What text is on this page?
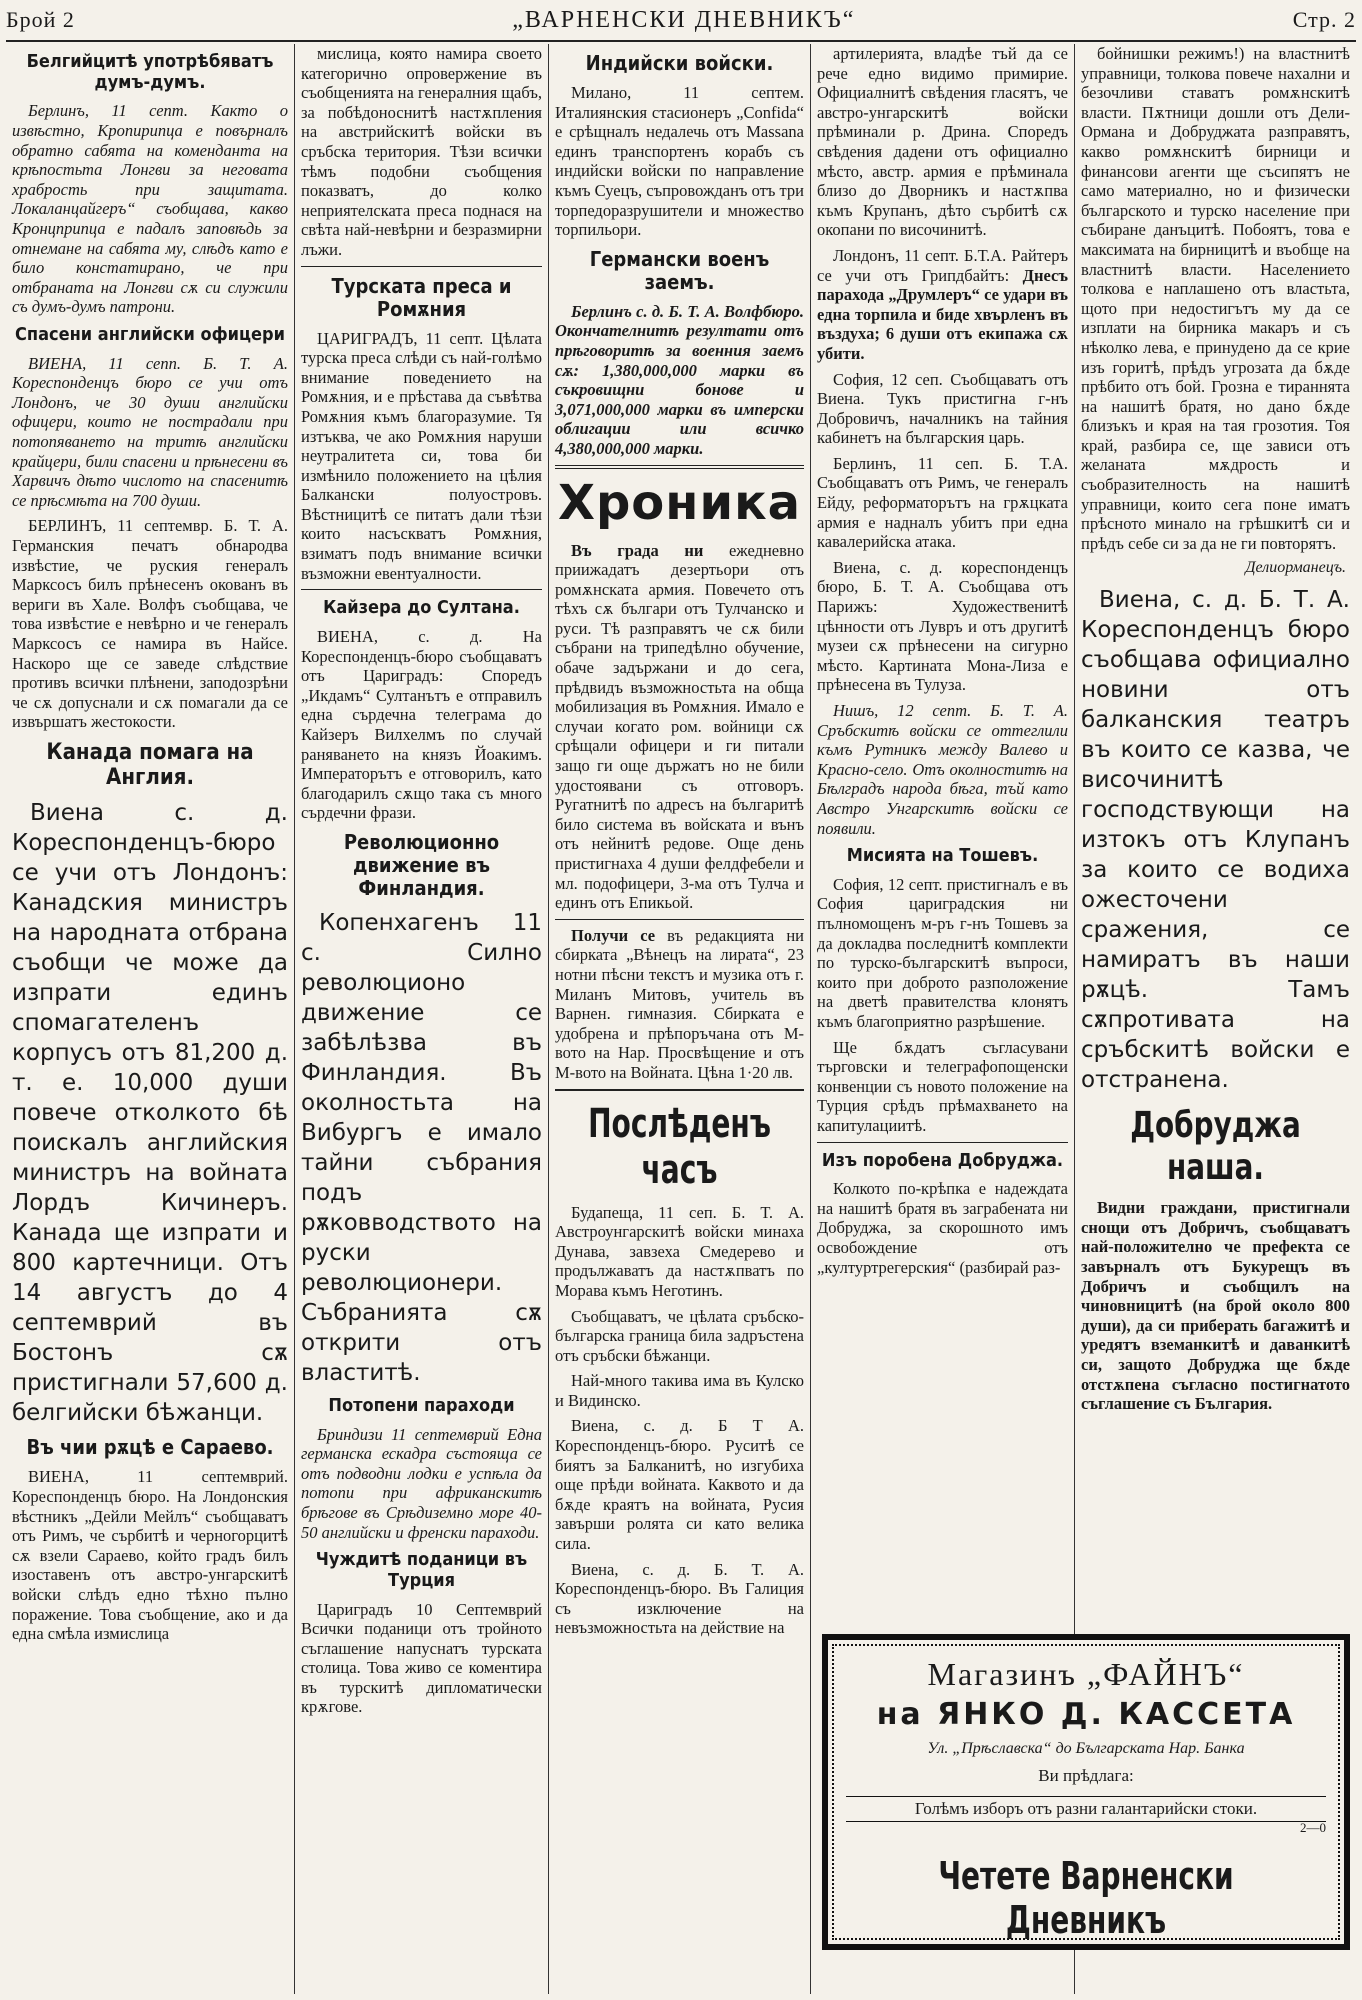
Брой 2	„ВАРНЕНСКИ ДНЕВНИКЪ“	Стр. 2
Белгийцитѣ употрѣбяватъ думъ-думъ.

Берлинъ, 11 септ. Както о извѣстно, Кропирипца е повърналъ обратно сабята на коменданта на крѣпостьта Лонгви за неговата храбрость при защитата. Локаланцайгеръ“ съобщава, какво Кронцприпца е падалъ заповѣдь за отнемане на сабята му, слѣдъ като е било констатирано, че при отбраната на Лонгви сѫ си служили съ думъ-думъ патрони.

Спасени английски офицери

ВИЕНА, 11 сепп. Б. Т. А. Кореспонденцъ бюро се учи отъ Лондонъ, че 30 души английски офицери, които не пострадали при потопяването на тритѣ английски крайцери, били спасени и прѣнесени въ Харвичъ дѣто числото на спасенитѣ се прѣсмѣта на 700 души.

БЕРЛИНЪ, 11 септемвр. Б. Т. А. Германския печатъ обнародва извѣстие, че руския генералъ Марксосъ билъ прѣнесенъ окованъ въ вериги въ Хале. Волфъ съобщава, че това извѣстие е невѣрно и че генералъ Марксосъ се намира въ Найсе. Наскоро ще се заведе слѣдствие противъ всички плѣнени, заподозрѣни че сѫ допуснали и сѫ помагали да се извършатъ жестокости.

Канада помага на Англия.

Виена с. д. Кореспонденцъ-бюро се учи отъ Лондонъ: Канадския министръ на народната отбрана съобщи че може да изпрати единъ спомагателенъ корпусъ отъ 81,200 д. т. е. 10,000 души повече отколкото бѣ поискалъ английския министръ на войната Лордъ Кичинеръ. Канада ще изпрати и 800 картечници. Отъ 14 августъ до 4 септемврий въ Бостонъ сѫ пристигнали 57,600 д. белгийски бѣжанци.

Въ чии рѫцѣ е Сараево.

ВИЕНА, 11 септемврий. Кореспонденцъ бюро. На Лондонския вѣстникъ „Дейли Мейлъ“ съобщаватъ отъ Римъ, че сърбитѣ и черногорцитѣ сѫ взели Сараево, който градъ билъ изоставенъ отъ австро-унгарскитѣ войски слѣдъ едно тѣхно пълно поражение. Това съобщение, ако и да една смѣла измислица

мислица, която намира своето категорично опровержение въ съобщенията на генералния щабъ, за побѣдоноснитѣ настѫпления на австрийскитѣ войски въ сръбска територия. Тѣзи всички тѣмъ подобни съобщения показватъ, до колко неприятелската преса поднася на свѣта най-невѣрни и безразмирни лъжи.

Турската преса и Ромѫния

ЦАРИГРАДЪ, 11 септ. Цѣлата турска преса слѣди съ най-голѣмо внимание поведението на Ромѫния, и е прѣстава да съвѣтва Ромѫния къмъ благоразумие. Тя изтъква, че ако Ромѫния наруши неутралитета си, това би измѣнило положението на цѣлия Балкански полуостровъ. Вѣстницитѣ се питатъ дали тѣзи които насъскватъ Ромѫния, взиматъ подъ внимание всички възможни евентуалности.

Кайзера до Султана.

ВИЕНА, с. д. На Кореспонденцъ-бюро съобщаватъ отъ Цариградъ: Споредъ „Икдамъ“ Султанътъ е отправилъ една сърдечна телеграма до Кайзеръ Вилхелмъ по случай раняването на князъ Йоакимъ. Императорътъ е отговорилъ, като благодарилъ сѫщо така съ много сърдечни фрази.

Революционно движение въ Финландия.

Копенхагенъ 11 с. Силно революционо движение се забѣлѣзва въ Финландия. Въ околностьта на Вибургъ е имало тайни събрания подъ рѫковводството на руски революционери. Събранията сѫ открити отъ властитѣ.

Потопени параходи

Бриндизи 11 септемврий Една германска ескадра състояща се отъ подводни лодки е успѣла да потопи при африканскитѣ брѣгове въ Срѣдиземно море 40-50 английски и френски параходи.

Чуждитѣ поданици въ Турция

Цариградъ 10 Септемврий Всички поданици отъ тройното съглашение напуснатъ турската столица. Това живо се коментира въ турскитѣ дипломатически крѫгове.

Индийски войски.

Милано, 11 септем. Италиянския стасионеръ „Confida“ е срѣщналъ недалечь отъ Massana единъ транспортенъ корабъ съ индийски войски по направление къмъ Суецъ, съпровожданъ отъ три торпедоразрушители и множество торпильори.

Германски военъ заемъ.

Берлинъ с. д. Б. Т. А. Волфбюро. Окончателнитѣ резултати отъ прѣговоритѣ за военния заемъ сѫ: 1,380,000,000 марки въ съкровищни бонове и 3,071,000,000 марки въ имперски облигации или всичко 4,380,000,000 марки.

Хроника

Въ града ни ежедневно приижадатъ дезертьори отъ ромѫнската армия. Повечето отъ тѣхъ сѫ българи отъ Тулчанско и руси. Тѣ разправятъ че сѫ били събрани на трипедѣлно обучение, обаче задържани и до сега, прѣдвидъ възможностьта на обща мобилизация въ Ромѫния. Имало е случаи когато ром. войници сѫ срѣщали офицери и ги питали защо ги още държатъ но не били удостоявани съ отговоръ. Ругатнитѣ по адресъ на българитѣ било система въ войската и вънъ отъ нейнитѣ редове. Още день пристигнаха 4 души фелдфебели и мл. подофицери, 3-ма отъ Тулча и единъ отъ Епикьой.

Получи се въ редакцията ни сбирката „Вѣнецъ на лирата“, 23 нотни пѣсни текстъ и музика отъ г. Миланъ Митовъ, учитель въ Варнен. гимназия. Сбирката е удобрена и прѣпоръчана отъ М-вото на Нар. Просвѣщение и отъ М-вото на Войната. Цѣна 1·20 лв.

Послѣденъ часъ

Будапеща, 11 сеп. Б. Т. А. Австроунгарскитѣ войски минаха Дунава, завзеха Смедерево и продължаватъ да настѫпватъ по Морава къмъ Неготинъ.

Съобщаватъ, че цѣлата сръбско-българска граница била задръстена отъ сръбски бѣжанци.

Най-много такива има въ Кулско и Видинско.

Виена, с. д. Б Т А. Кореспонденцъ-бюро. Руситѣ се биятъ за Балканитѣ, но изгубиха още прѣди войната. Каквото и да бѫде краятъ на войната, Русия завърши ролята си като велика сила.

Виена, с. д. Б. Т. А. Кореспонденцъ-бюро. Въ Галиция съ изключение на невъзможностьта на действие на

артилерията, владѣе тъй да се рече едно видимо примирие. Официалнитѣ свѣдения гласятъ, че австро-унгарскитѣ войски прѣминали р. Дрина. Споредъ свѣдения дадени отъ официално мѣсто, австр. армия е прѣминала близо до Дворникъ и настѫпва къмъ Крупанъ, дѣто сърбитѣ сѫ окопани по височинитѣ.

Лондонъ, 11 септ. Б.Т.А. Райтеръ се учи отъ Грипдбайтъ: Днесъ парахода „Друмлеръ“ се удари въ една торпила и биде хвърленъ въ въздуха; 6 души отъ екипажа сѫ убити.

София, 12 сеп. Съобщаватъ отъ Виена. Тукъ пристигна г-нъ Добровичъ, началникъ на тайния кабинетъ на българския царь.

Берлинъ, 11 сеп. Б. Т.А. Съобщаватъ отъ Римъ, че генералъ Ейду, реформаторътъ на грѫцката армия е надналъ убитъ при една кавалерийска атака.

Виена, с. д. кореспонденцъ бюро, Б. Т. А. Съобщава отъ Парижъ: Художественитѣ цѣнности отъ Лувръ и отъ другитѣ музеи сѫ прѣнесени на сигурно мѣсто. Картината Мона-Лиза е прѣнесена въ Тулуза.

Нишъ, 12 септ. Б. Т. А. Сръбскитѣ войски се оттеглили къмъ Рутникъ между Валево и Красно-село. Отъ околноститѣ на Бѣлградъ народа бѣга, тъй като Австро Унгарскитѣ войски се появили.

Мисията на Тошевъ.

София, 12 септ. пристигналъ е въ София цариградския ни пълномощенъ м-ръ г-нъ Тошевъ за да докладва последнитѣ комплекти по турско-българскитѣ въпроси, които при доброто разположение на дветѣ правителства клонятъ къмъ благоприятно разрѣшение.

Ще бѫдатъ съгласувани търговски и телеграфопощенски конвенции съ новото положение на Турция срѣдъ прѣмахването на капитулациитѣ.

Изъ поробена Добруджа.

Колкото по-крѣпка е надеждата на нашитѣ братя въ заграбената ни Добруджа, за скорошното имъ освобождение отъ „културтрегерския“ (разбирай раз-

бойнишки режимъ!) на властнитѣ управници, толкова повече нахални и безочливи ставатъ ромѫнскитѣ власти. Пѫтници дошли отъ Дели-Ормана и Добруджата разправятъ, какво ромѫнскитѣ бирници и финансови агенти ще съсипятъ не само материално, но и физически българското и турско население при събиране данъцитѣ. Побоятъ, това е максимата на бирницитѣ и въобще на властнитѣ власти. Населението толкова е наплашено отъ властьта, щото при недостигътъ му да се изплати на бирника макаръ и съ нѣколко лева, е принудено да се крие изъ горитѣ, прѣдъ угрозата да бѫде прѣбито отъ бой. Грозна е тираннята на нашитѣ братя, но дано бѫде близъкъ и края на тая грозотия. Тоя край, разбира се, ще зависи отъ желаната мѫдрость и съобразителность на нашитѣ управници, които сега поне иматъ прѣсното минало на грѣшкитѣ си и прѣдъ себе си за да не ги повторятъ.

Делиорманецъ.

Виена, с. д. Б. Т. А. Кореспонденцъ бюро съобщава официално новини отъ балканския театръ въ които се казва, че височинитѣ господствующи на изтокъ отъ Клупанъ за които се водиха ожесточени сражения, се намиратъ въ наши рѫцѣ. Тамъ сѫпротивата на сръбскитѣ войски е отстранена.

Добруджа наша.

Видни граждани, пристигнали снощи отъ Добричъ, съобщаватъ най-положително че префекта се завърналъ отъ Букурещъ въ Добричъ и съобщилъ на чиновницитѣ (на брой около 800 души), да си приберать багажитѣ и уредятъ вземанкитѣ и даванкитѣ си, защото Добруджа ще бѫде отстѫпена съгласно постигнатото съглашение съ България.

Магазинъ „ФАЙНЪ“
на ЯНКО Д. КАССЕТА
Ул. „Прѣславска“ до Българската Нар. Банка
Ви прѣдлага:
Голѣмъ изборъ отъ разни галантарийски стоки.
2—0
Четете Варненски Дневникъ
